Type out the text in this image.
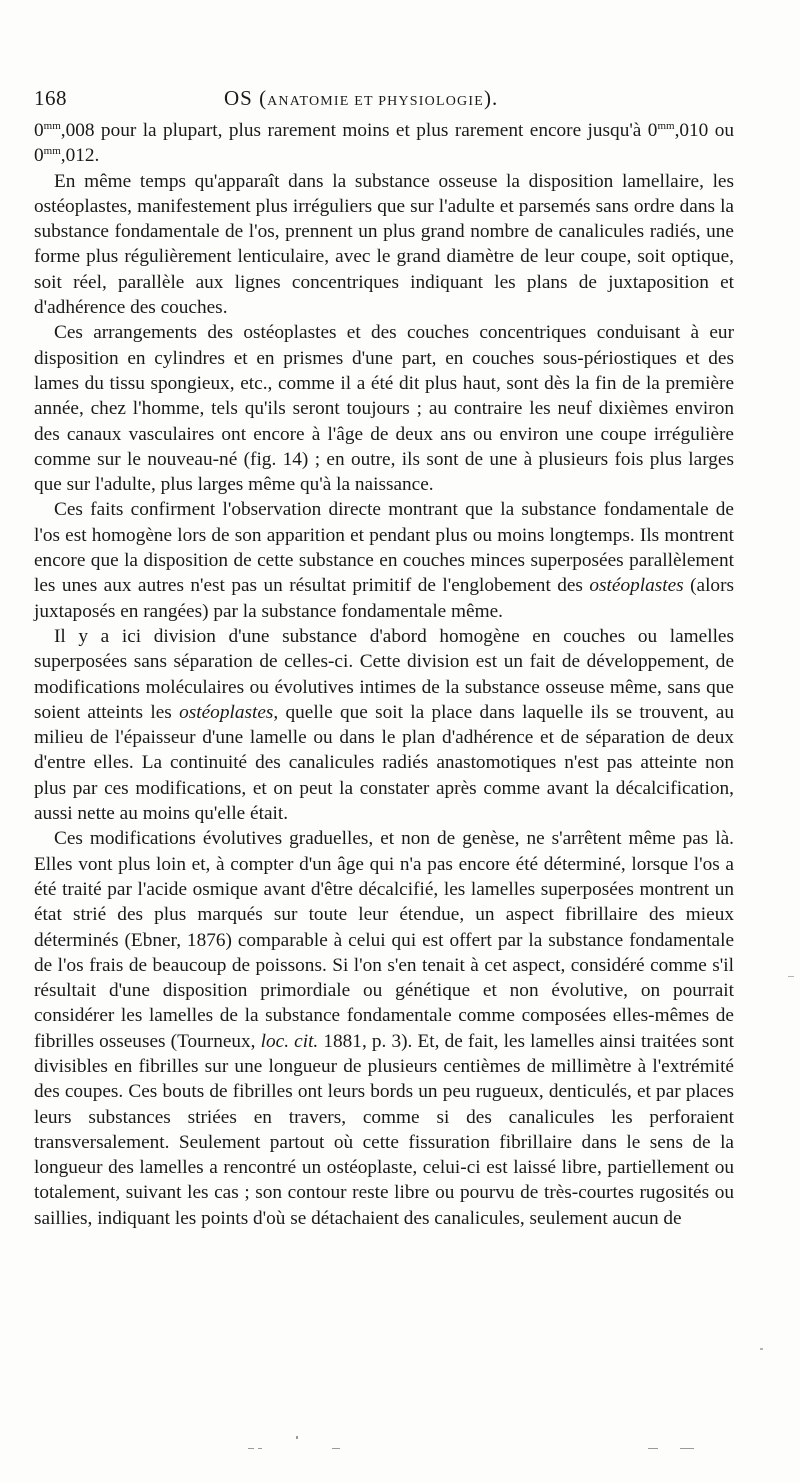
168	OS (ANATOMIE ET PHYSIOLOGIE).

$0^{mm},008$ pour la plupart, plus rarement moins et plus rarement encore jusqu'à $0^{mm},010$ ou $0^{mm},012$.

En même temps qu'apparaît dans la substance osseuse la disposition lamellaire, les ostéoplastes, manifestement plus irréguliers que sur l'adulte et parsemés sans ordre dans la substance fondamentale de l'os, prennent un plus grand nombre de canalicules radiés, une forme plus régulièrement lenticulaire, avec le grand diamètre de leur coupe, soit optique, soit réel, parallèle aux lignes concentriques indiquant les plans de juxtaposition et d'adhérence des couches.

Ces arrangements des ostéoplastes et des couches concentriques conduisant à eur disposition en cylindres et en prismes d'une part, en couches sous-périostiques et des lames du tissu spongieux, etc., comme il a été dit plus haut, sont dès la fin de la première année, chez l'homme, tels qu'ils seront toujours ; au contraire les neuf dixièmes environ des canaux vasculaires ont encore à l'âge de deux ans ou environ une coupe irrégulière comme sur le nouveau-né (fig. 14) ; en outre, ils sont de une à plusieurs fois plus larges que sur l'adulte, plus larges même qu'à la naissance.

Ces faits confirment l'observation directe montrant que la substance fondamentale de l'os est homogène lors de son apparition et pendant plus ou moins longtemps. Ils montrent encore que la disposition de cette substance en couches minces superposées parallèlement les unes aux autres n'est pas un résultat primitif de l'englobement des ostéoplastes (alors juxtaposés en rangées) par la substance fondamentale même.

Il y a ici division d'une substance d'abord homogène en couches ou lamelles superposées sans séparation de celles-ci. Cette division est un fait de développement, de modifications moléculaires ou évolutives intimes de la substance osseuse même, sans que soient atteints les ostéoplastes, quelle que soit la place dans laquelle ils se trouvent, au milieu de l'épaisseur d'une lamelle ou dans le plan d'adhérence et de séparation de deux d'entre elles. La continuité des canalicules radiés anastomotiques n'est pas atteinte non plus par ces modifications, et on peut la constater après comme avant la décalcification, aussi nette au moins qu'elle était.

Ces modifications évolutives graduelles, et non de genèse, ne s'arrêtent même pas là. Elles vont plus loin et, à compter d'un âge qui n'a pas encore été déterminé, lorsque l'os a été traité par l'acide osmique avant d'être décalcifié, les lamelles superposées montrent un état strié des plus marqués sur toute leur étendue, un aspect fibrillaire des mieux déterminés (Ebner, 1876) comparable à celui qui est offert par la substance fondamentale de l'os frais de beaucoup de poissons. Si l'on s'en tenait à cet aspect, considéré comme s'il résultait d'une disposition primordiale ou génétique et non évolutive, on pourrait considérer les lamelles de la substance fondamentale comme composées elles-mêmes de fibrilles osseuses (Tourneux, loc. cit. 1881, p. 3). Et, de fait, les lamelles ainsi traitées sont divisibles en fibrilles sur une longueur de plusieurs centièmes de millimètre à l'extrémité des coupes. Ces bouts de fibrilles ont leurs bords un peu rugueux, denticulés, et par places leurs substances striées en travers, comme si des canalicules les perforaient transversalement. Seulement partout où cette fissuration fibrillaire dans le sens de la longueur des lamelles a rencontré un ostéoplaste, celui-ci est laissé libre, partiellement ou totalement, suivant les cas ; son contour reste libre ou pourvu de très-courtes rugosités ou saillies, indiquant les points d'où se détachaient des canalicules, seulement aucun de
